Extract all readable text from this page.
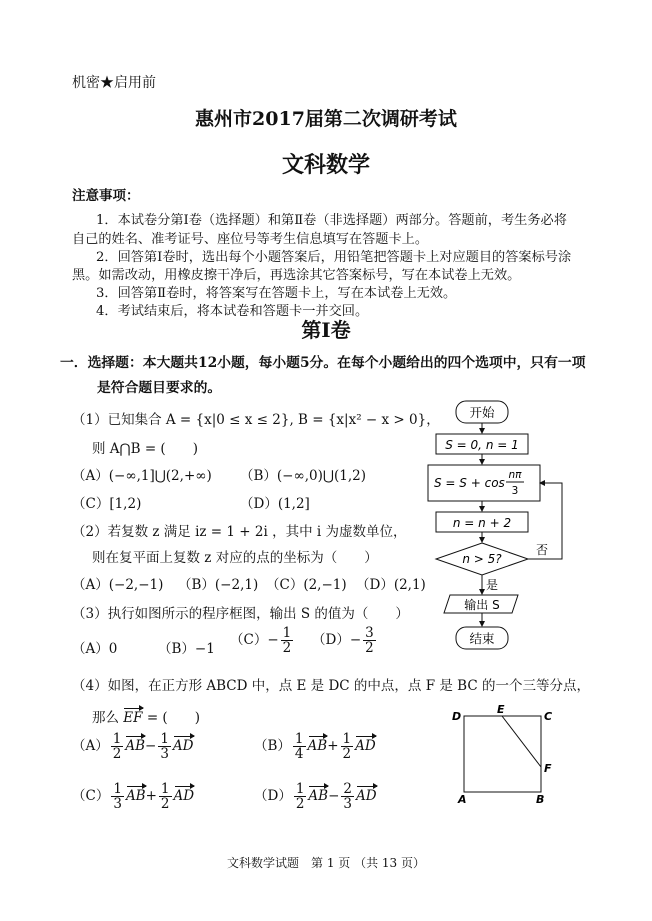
机密★启用前
惠州市2017届第二次调研考试
文科数学
注意事项：
1．本试卷分第Ⅰ卷（选择题）和第Ⅱ卷（非选择题）两部分。答题前，考生务必将
自己的姓名、准考证号、座位号等考生信息填写在答题卡上。
2．回答第Ⅰ卷时，选出每个小题答案后，用铅笔把答题卡上对应题目的答案标号涂
黑。如需改动，用橡皮擦干净后，再选涂其它答案标号，写在本试卷上无效。
3．回答第Ⅱ卷时，将答案写在答题卡上，写在本试卷上无效。
4．考试结束后，将本试卷和答题卡一并交回。
第Ⅰ卷
一．选择题：本大题共12小题，每小题5分。在每个小题给出的四个选项中，只有一项
是符合题目要求的。
（1）已知集合 A = {x|0 ≤ x ≤ 2}, B = {x|x² − x > 0}，
则 A⋂B = (　　)
（A）(−∞,1]⋃(2,+∞) （B）(−∞,0)⋃(1,2)
（C）[1,2)	（D）(1,2]
（2）若复数 z 满足 iz = 1 + 2i ，其中 i 为虚数单位，
则在复平面上复数 z 对应的点的坐标为（　　）
（A）(−2,−1) （B）(−2,1) （C）(2,−1) （D）(2,1)
（3）执行如图所示的程序框图，输出 S 的值为（　　）
（A）0	（B）−1
$(C)- \frac{1}{2} (D)- \frac{3}{2}$
（4）如图，在正方形 ABCD 中，点 E 是 DC 的中点，点 F 是 BC 的一个三等分点，
那么 EF = (　　)
$(A) \frac{1}{2} AB- \frac{1}{3}$ AD	$(B) \frac{1}{4} AB+ \frac{1}{2}$ AD
$(C) \frac{1}{3} AB+ \frac{1}{2}$ AD	$(D) \frac{1}{2} AB- \frac{2}{3}$ AD
开始
S = 0, n = 1
S = S + cos
nπ
3
n = n + 2
n > 5?
否
是
输出 S
结束
D
E
C
F
A	B
文科数学试题　第 1 页 （共 13 页）
